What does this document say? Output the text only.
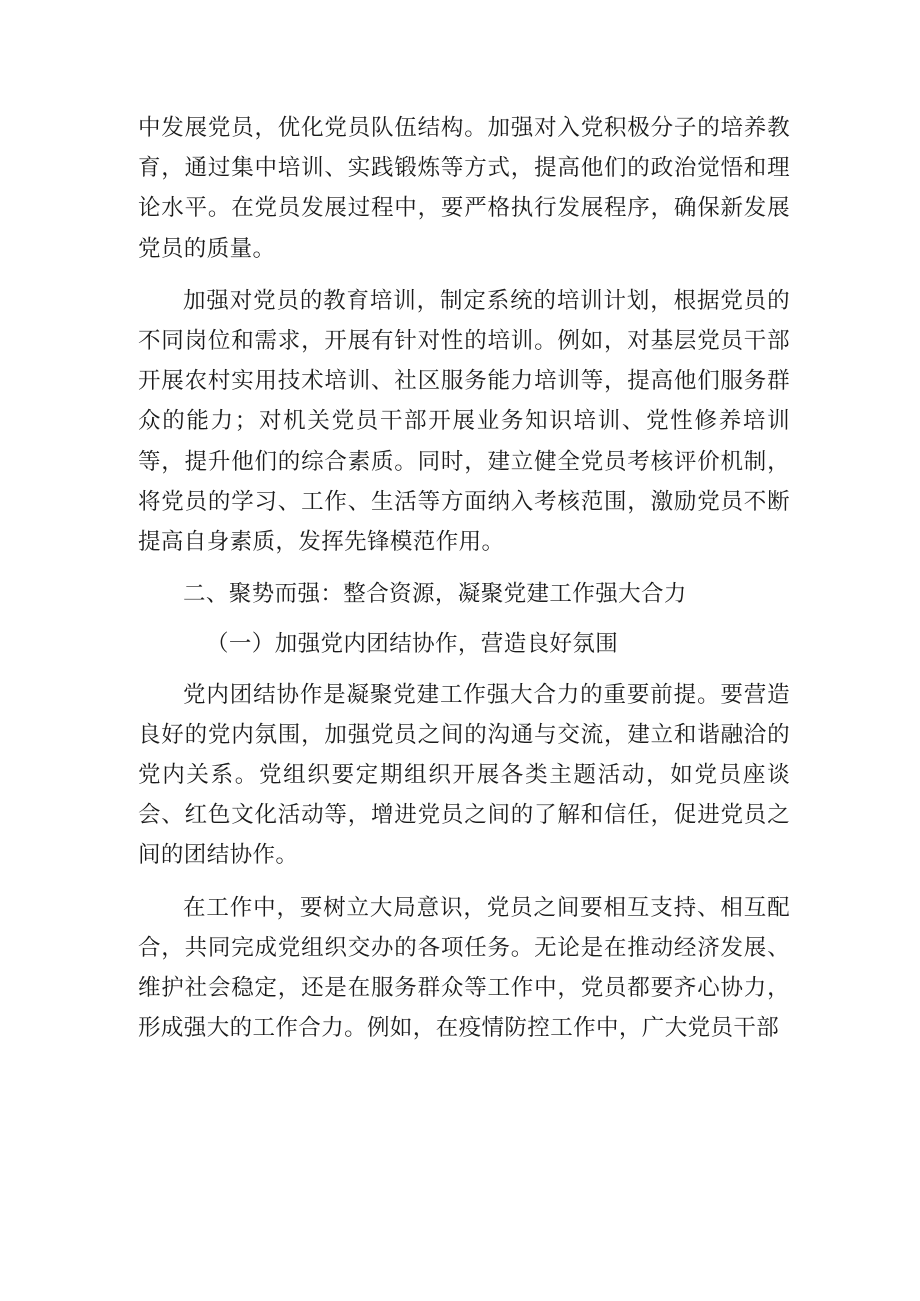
中发展党员，优化党员队伍结构。加强对入党积极分子的培养教育，通过集中培训、实践锻炼等方式，提高他们的政治觉悟和理论水平。在党员发展过程中，要严格执行发展程序，确保新发展党员的质量。

加强对党员的教育培训，制定系统的培训计划，根据党员的不同岗位和需求，开展有针对性的培训。例如，对基层党员干部开展农村实用技术培训、社区服务能力培训等，提高他们服务群众的能力；对机关党员干部开展业务知识培训、党性修养培训等，提升他们的综合素质。同时，建立健全党员考核评价机制，将党员的学习、工作、生活等方面纳入考核范围，激励党员不断提高自身素质，发挥先锋模范作用。

二、聚势而强：整合资源，凝聚党建工作强大合力

（一）加强党内团结协作，营造良好氛围

党内团结协作是凝聚党建工作强大合力的重要前提。要营造良好的党内氛围，加强党员之间的沟通与交流，建立和谐融洽的党内关系。党组织要定期组织开展各类主题活动，如党员座谈会、红色文化活动等，增进党员之间的了解和信任，促进党员之间的团结协作。

在工作中，要树立大局意识，党员之间要相互支持、相互配合，共同完成党组织交办的各项任务。无论是在推动经济发展、维护社会稳定，还是在服务群众等工作中，党员都要齐心协力，形成强大的工作合力。例如，在疫情防控工作中，广大党员干部
